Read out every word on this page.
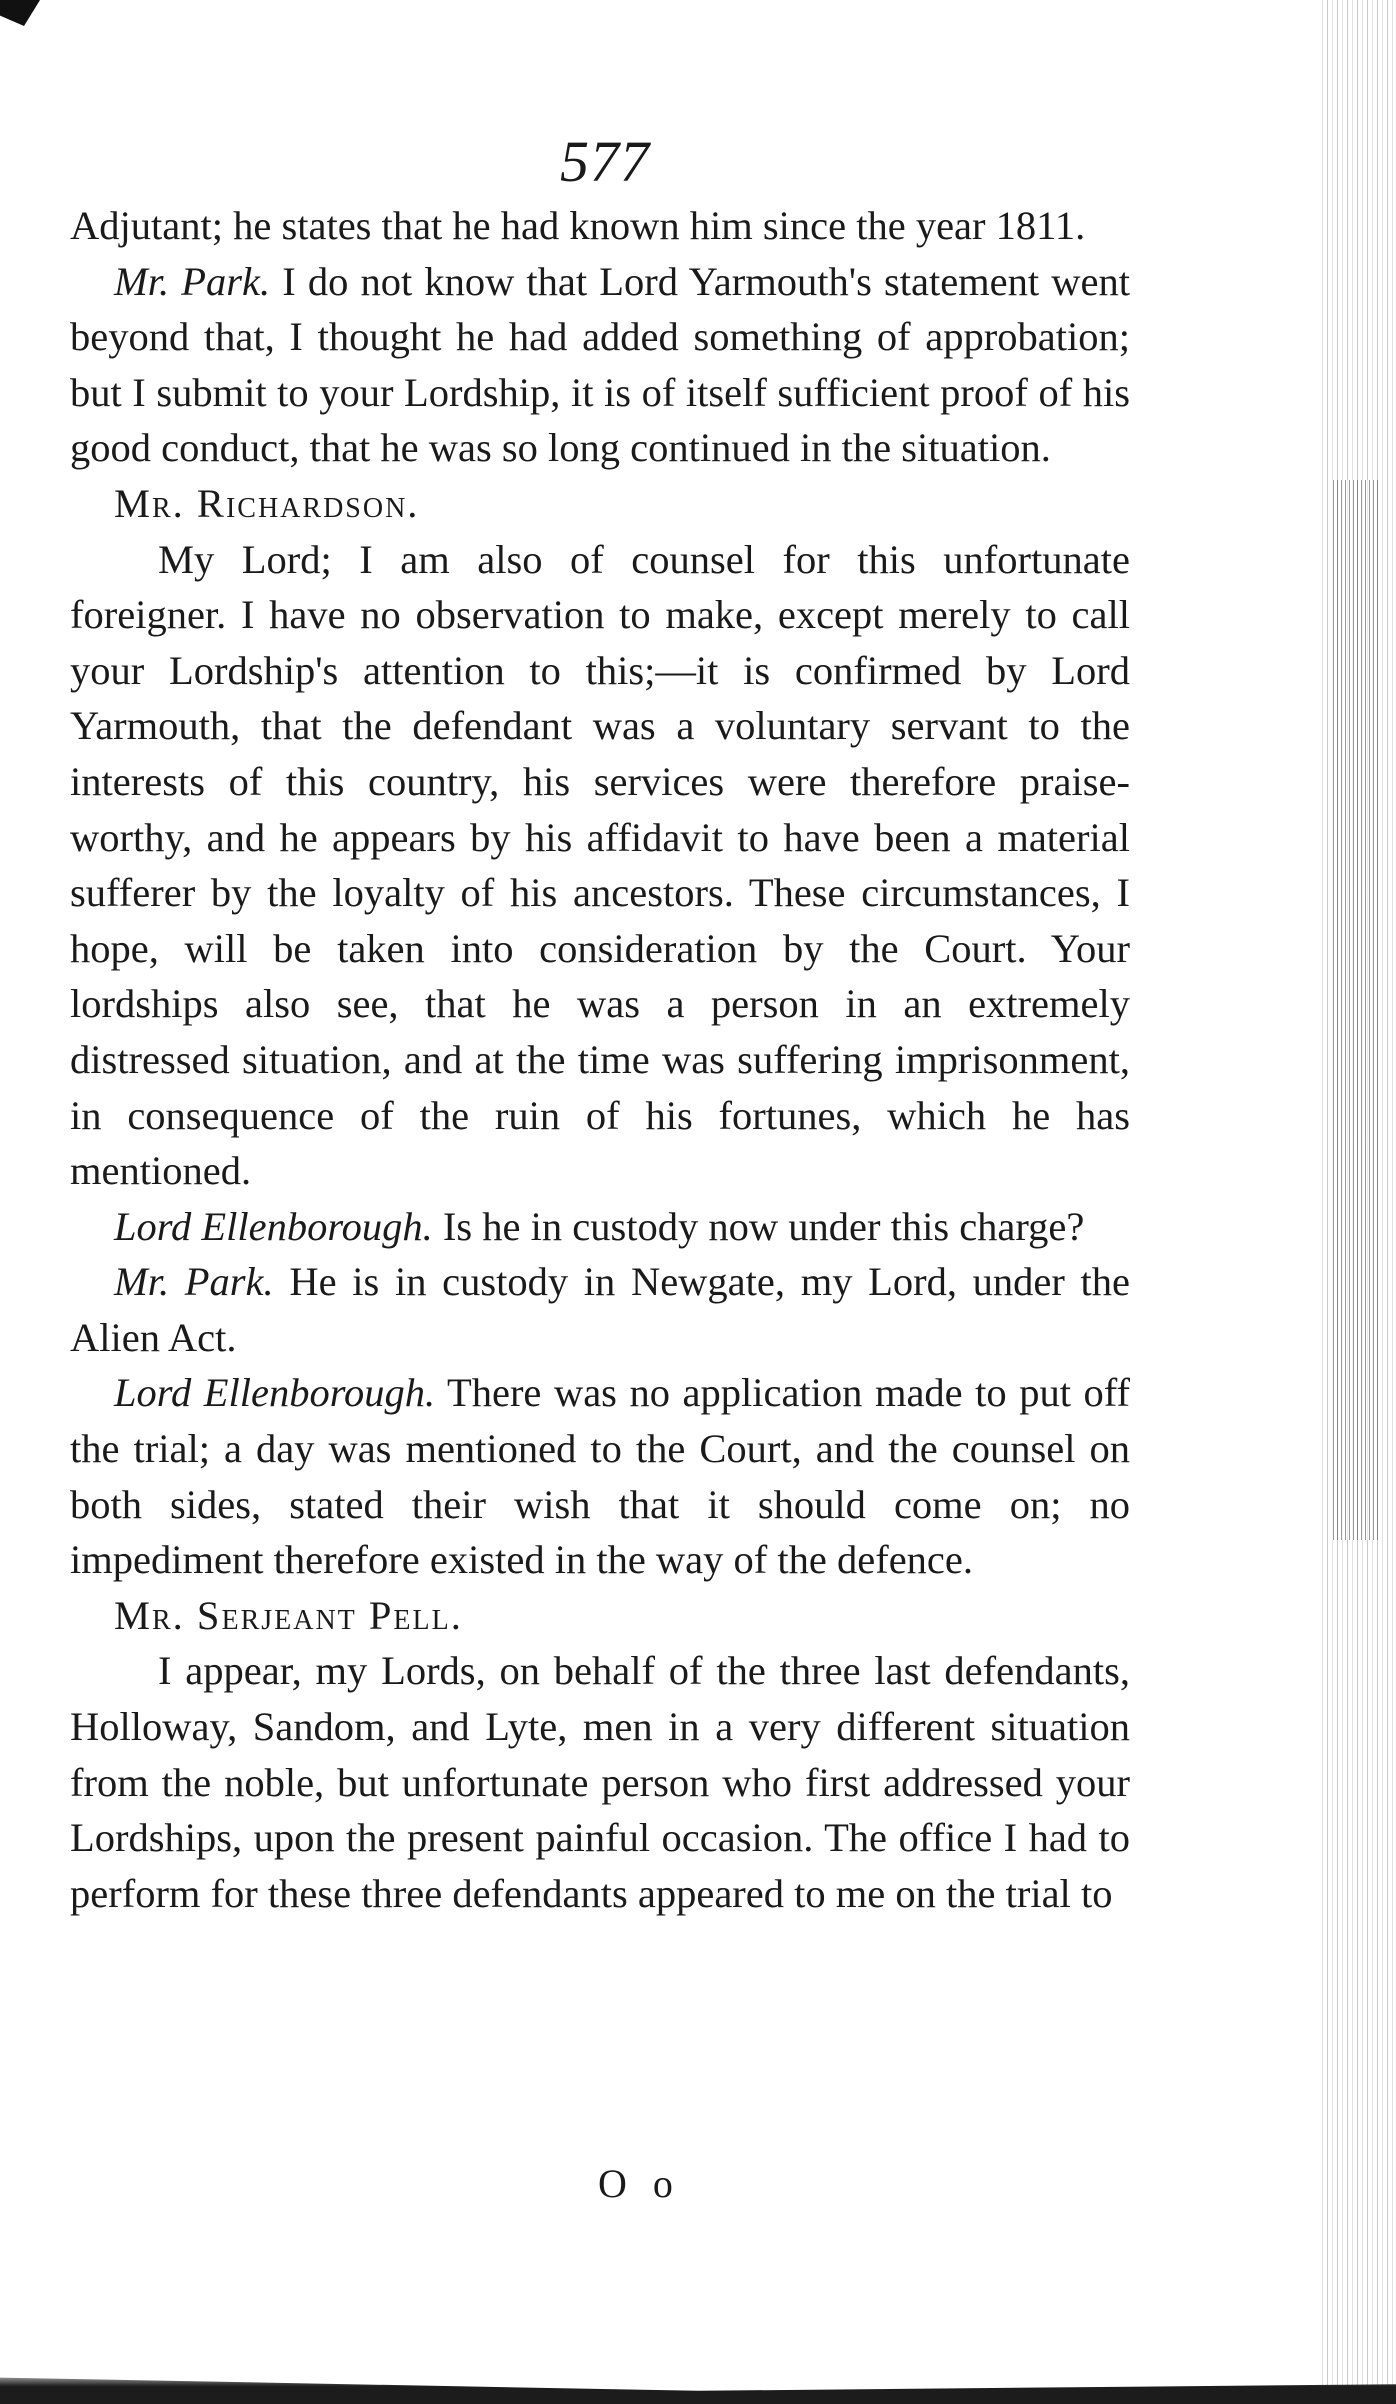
577

Adjutant; he states that he had known him since the year 1811.

Mr. Park. I do not know that Lord Yarmouth's statement went beyond that, I thought he had added something of approbation; but I submit to your Lordship, it is of itself sufficient proof of his good conduct, that he was so long continued in the situation.

Mr. Richardson.

My Lord; I am also of counsel for this unfortunate foreigner. I have no observation to make, except merely to call your Lordship's attention to this;—it is confirmed by Lord Yarmouth, that the defendant was a voluntary servant to the interests of this country, his services were therefore praise-worthy, and he appears by his affidavit to have been a material sufferer by the loyalty of his ancestors. These circumstances, I hope, will be taken into consideration by the Court. Your lordships also see, that he was a person in an extremely distressed situation, and at the time was suffering imprisonment, in consequence of the ruin of his fortunes, which he has mentioned.

Lord Ellenborough. Is he in custody now under this charge?

Mr. Park. He is in custody in Newgate, my Lord, under the Alien Act.

Lord Ellenborough. There was no application made to put off the trial; a day was mentioned to the Court, and the counsel on both sides, stated their wish that it should come on; no impediment therefore existed in the way of the defence.

Mr. Serjeant Pell.

I appear, my Lords, on behalf of the three last defendants, Holloway, Sandom, and Lyte, men in a very different situation from the noble, but unfortunate person who first addressed your Lordships, upon the present painful occasion. The office I had to perform for these three defendants appeared to me on the trial to

O o
